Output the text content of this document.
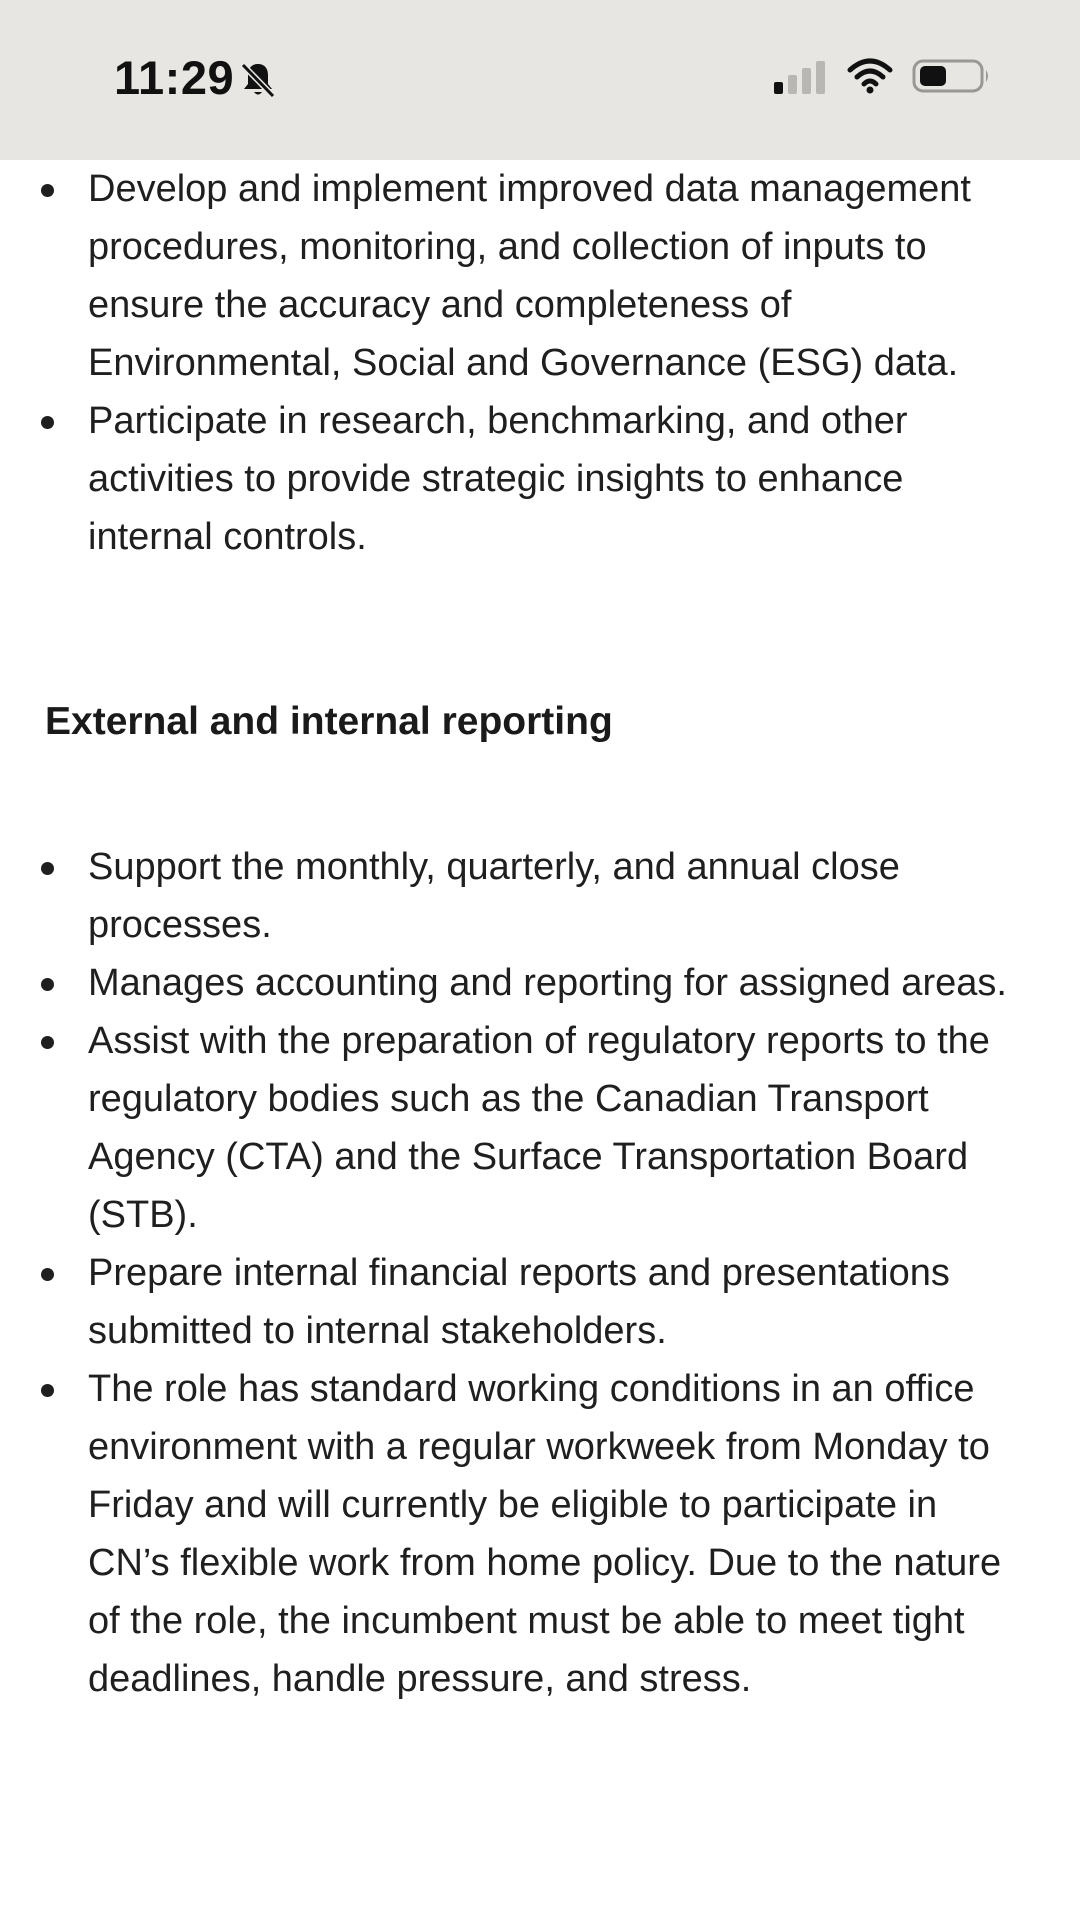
11:29
Develop and implement improved data management procedures, monitoring, and collection of inputs to ensure the accuracy and completeness of Environmental, Social and Governance (ESG) data.
Participate in research, benchmarking, and other activities to provide strategic insights to enhance internal controls.
External and internal reporting
Support the monthly, quarterly, and annual close processes.
Manages accounting and reporting for assigned areas.
Assist with the preparation of regulatory reports to the regulatory bodies such as the Canadian Transport Agency (CTA) and the Surface Transportation Board (STB).
Prepare internal financial reports and presentations submitted to internal stakeholders.
The role has standard working conditions in an office environment with a regular workweek from Monday to Friday and will currently be eligible to participate in CN’s flexible work from home policy. Due to the nature of the role, the incumbent must be able to meet tight deadlines, handle pressure, and stress.
